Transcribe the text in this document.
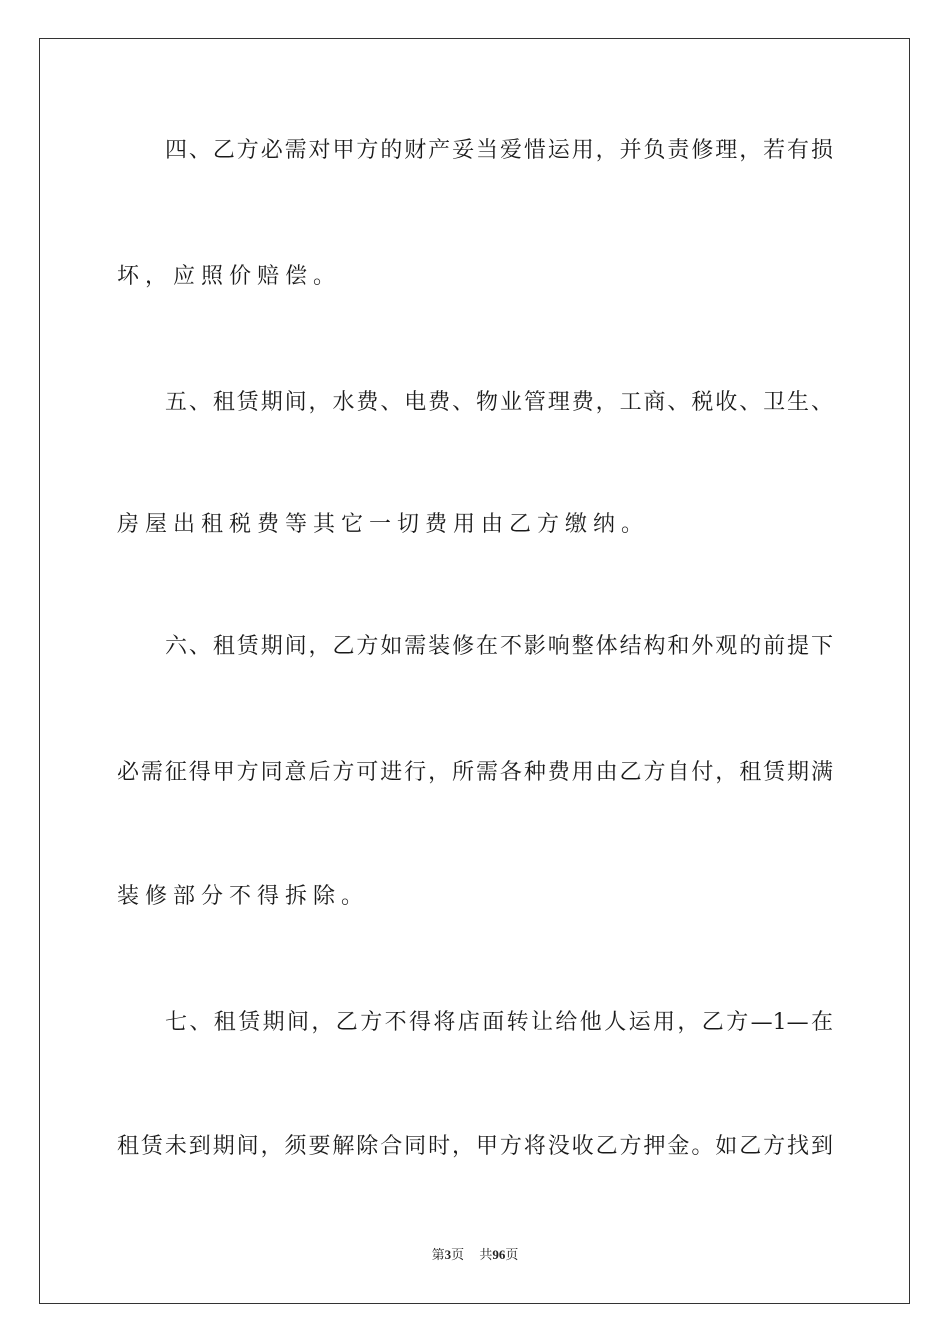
四、乙方必需对甲方的财产妥当爱惜运用，并负责修理，若有损
坏，应照价赔偿。
五、租赁期间，水费、电费、物业管理费，工商、税收、卫生、
房屋出租税费等其它一切费用由乙方缴纳。
六、租赁期间，乙方如需装修在不影响整体结构和外观的前提下
必需征得甲方同意后方可进行，所需各种费用由乙方自付，租赁期满
装修部分不得拆除。
七、租赁期间，乙方不得将店面转让给他人运用，乙方—1—在
租赁未到期间，须要解除合同时，甲方将没收乙方押金。如乙方找到
第3页 共96页
